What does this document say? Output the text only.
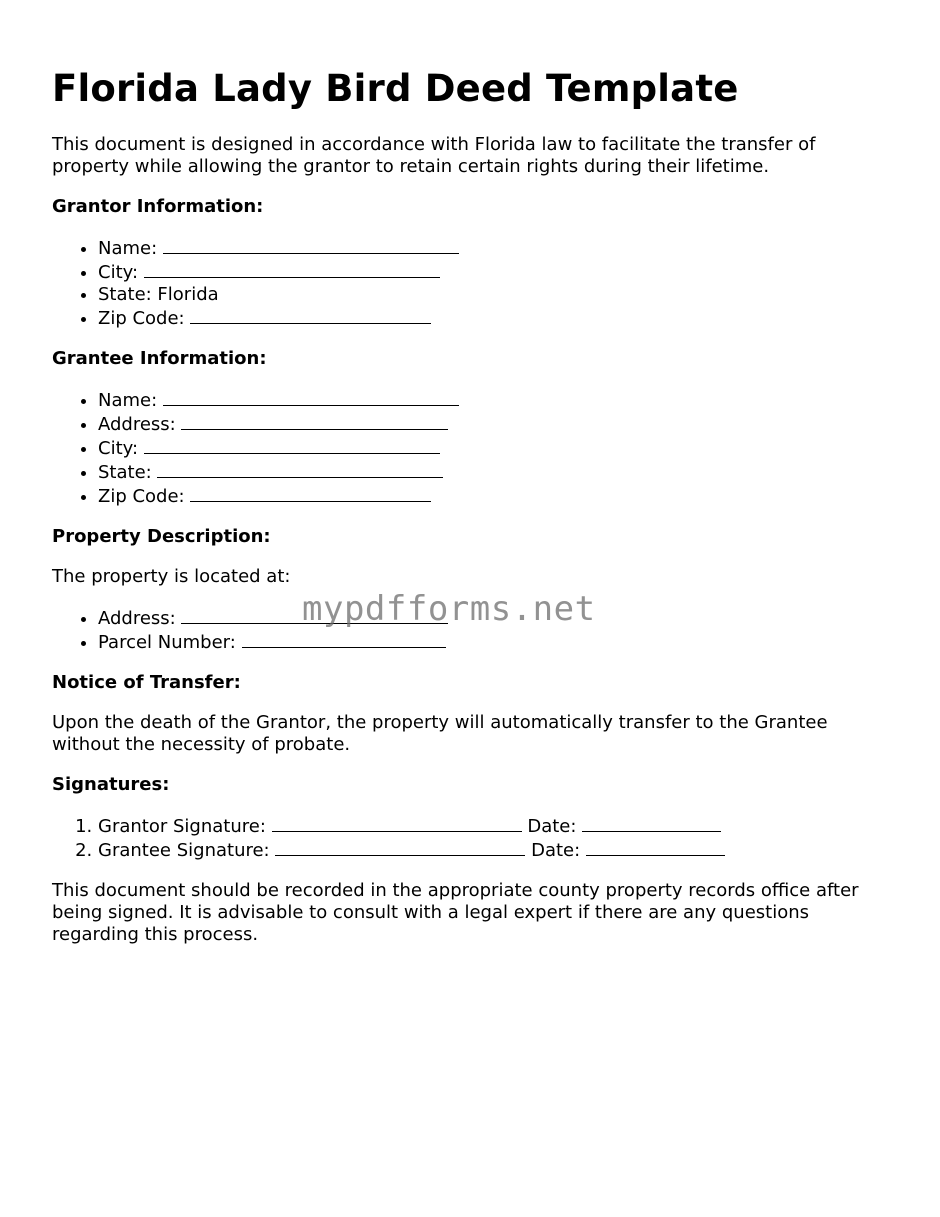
Florida Lady Bird Deed Template

This document is designed in accordance with Florida law to facilitate the transfer of property while allowing the grantor to retain certain rights during their lifetime.

Grantor Information:
• Name:
• City:
• State: Florida
• Zip Code:
Grantee Information:
• Name:
• Address:
• City:
• State:
• Zip Code:
Property Description:

The property is located at:

• Address:
• Parcel Number:
Notice of Transfer:

Upon the death of the Grantor, the property will automatically transfer to the Grantee without the necessity of probate.

Signatures:
1. Grantor Signature:	Date:
2. Grantee Signature:	Date:

This document should be recorded in the appropriate county property records office after being signed. It is advisable to consult with a legal expert if there are any questions regarding this process.

mypdfforms.net
